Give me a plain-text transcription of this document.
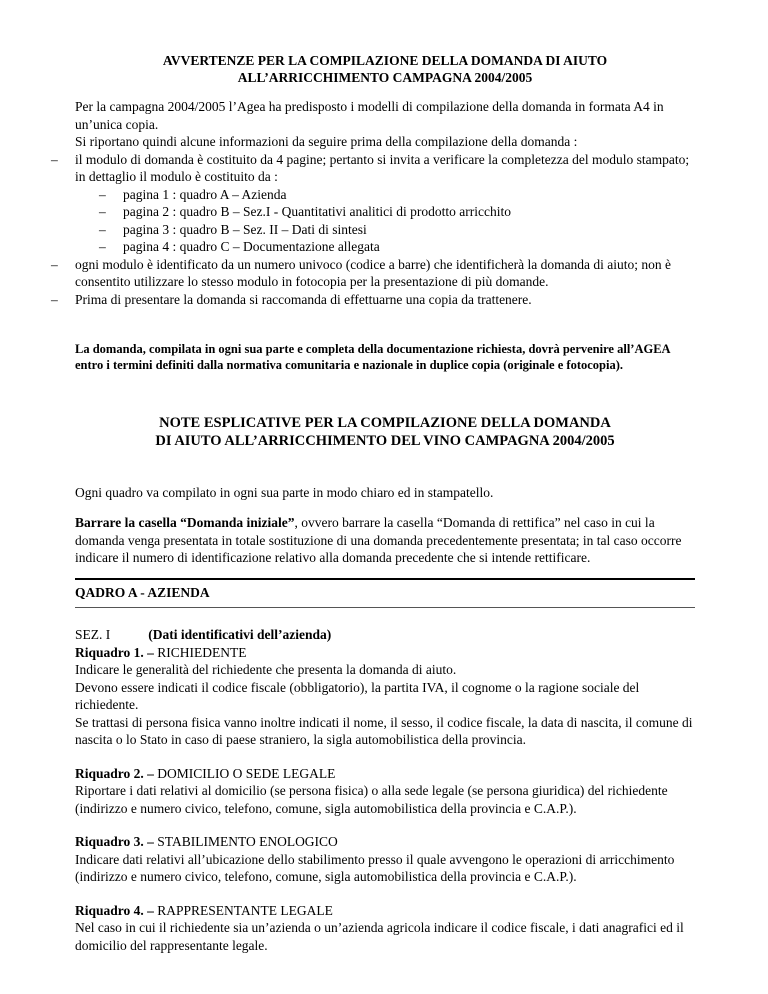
AVVERTENZE PER LA COMPILAZIONE DELLA DOMANDA DI AIUTO

ALL’ARRICCHIMENTO CAMPAGNA 2004/2005

Per la campagna 2004/2005 l’Agea ha predisposto i modelli di compilazione della domanda in formata A4 in un’unica copia.

Si riportano quindi alcune informazioni da seguire prima della compilazione della domanda :

– il modulo di domanda è costituito da 4 pagine; pertanto si invita a verificare la completezza del modulo stampato; in dettaglio il modulo è costituito da :
– pagina 1 : quadro A – Azienda
– pagina 2 : quadro B – Sez.I - Quantitativi analitici di prodotto arricchito
– pagina 3 : quadro B – Sez. II – Dati di sintesi
– pagina 4 : quadro C – Documentazione allegata
– ogni modulo è identificato da un numero univoco (codice a barre) che identificherà la domanda di aiuto; non è consentito utilizzare lo stesso modulo in fotocopia per la presentazione di più domande.
– Prima di presentare la domanda si raccomanda di effettuarne una copia da trattenere.

La domanda, compilata in ogni sua parte e completa della documentazione richiesta, dovrà pervenire all’AGEA entro i termini definiti dalla normativa comunitaria e nazionale in duplice copia (originale e fotocopia).

NOTE ESPLICATIVE PER LA COMPILAZIONE DELLA DOMANDA

DI AIUTO ALL’ARRICCHIMENTO DEL VINO CAMPAGNA 2004/2005

Ogni quadro va compilato in ogni sua parte in modo chiaro ed in stampatello.

Barrare la casella “Domanda iniziale”, ovvero barrare la casella “Domanda di rettifica” nel caso in cui la domanda venga presentata in totale sostituzione di una domanda precedentemente presentata; in tal caso occorre indicare il numero di identificazione relativo alla domanda precedente che si intende rettificare.

QADRO A - AZIENDA

SEZ. I	(Dati identificativi dell’azienda)

Riquadro 1. – RICHIEDENTE

Indicare le generalità del richiedente che presenta la domanda di aiuto.

Devono essere indicati il codice fiscale (obbligatorio), la partita IVA, il cognome o la ragione sociale del richiedente.

Se trattasi di persona fisica vanno inoltre indicati il nome, il sesso, il codice fiscale, la data di nascita, il comune di nascita o lo Stato in caso di paese straniero, la sigla automobilistica della provincia.

Riquadro 2. – DOMICILIO O SEDE LEGALE

Riportare i dati relativi al domicilio (se persona fisica) o alla sede legale (se persona giuridica) del richiedente (indirizzo e numero civico, telefono, comune, sigla automobilistica della provincia e C.A.P.).

Riquadro 3. – STABILIMENTO ENOLOGICO

Indicare dati relativi all’ubicazione dello stabilimento presso il quale avvengono le operazioni di arricchimento (indirizzo e numero civico, telefono, comune, sigla automobilistica della provincia e C.A.P.).

Riquadro 4. – RAPPRESENTANTE LEGALE

Nel caso in cui il richiedente sia un’azienda o un’azienda agricola indicare il codice fiscale, i dati anagrafici ed il domicilio del rappresentante legale.
